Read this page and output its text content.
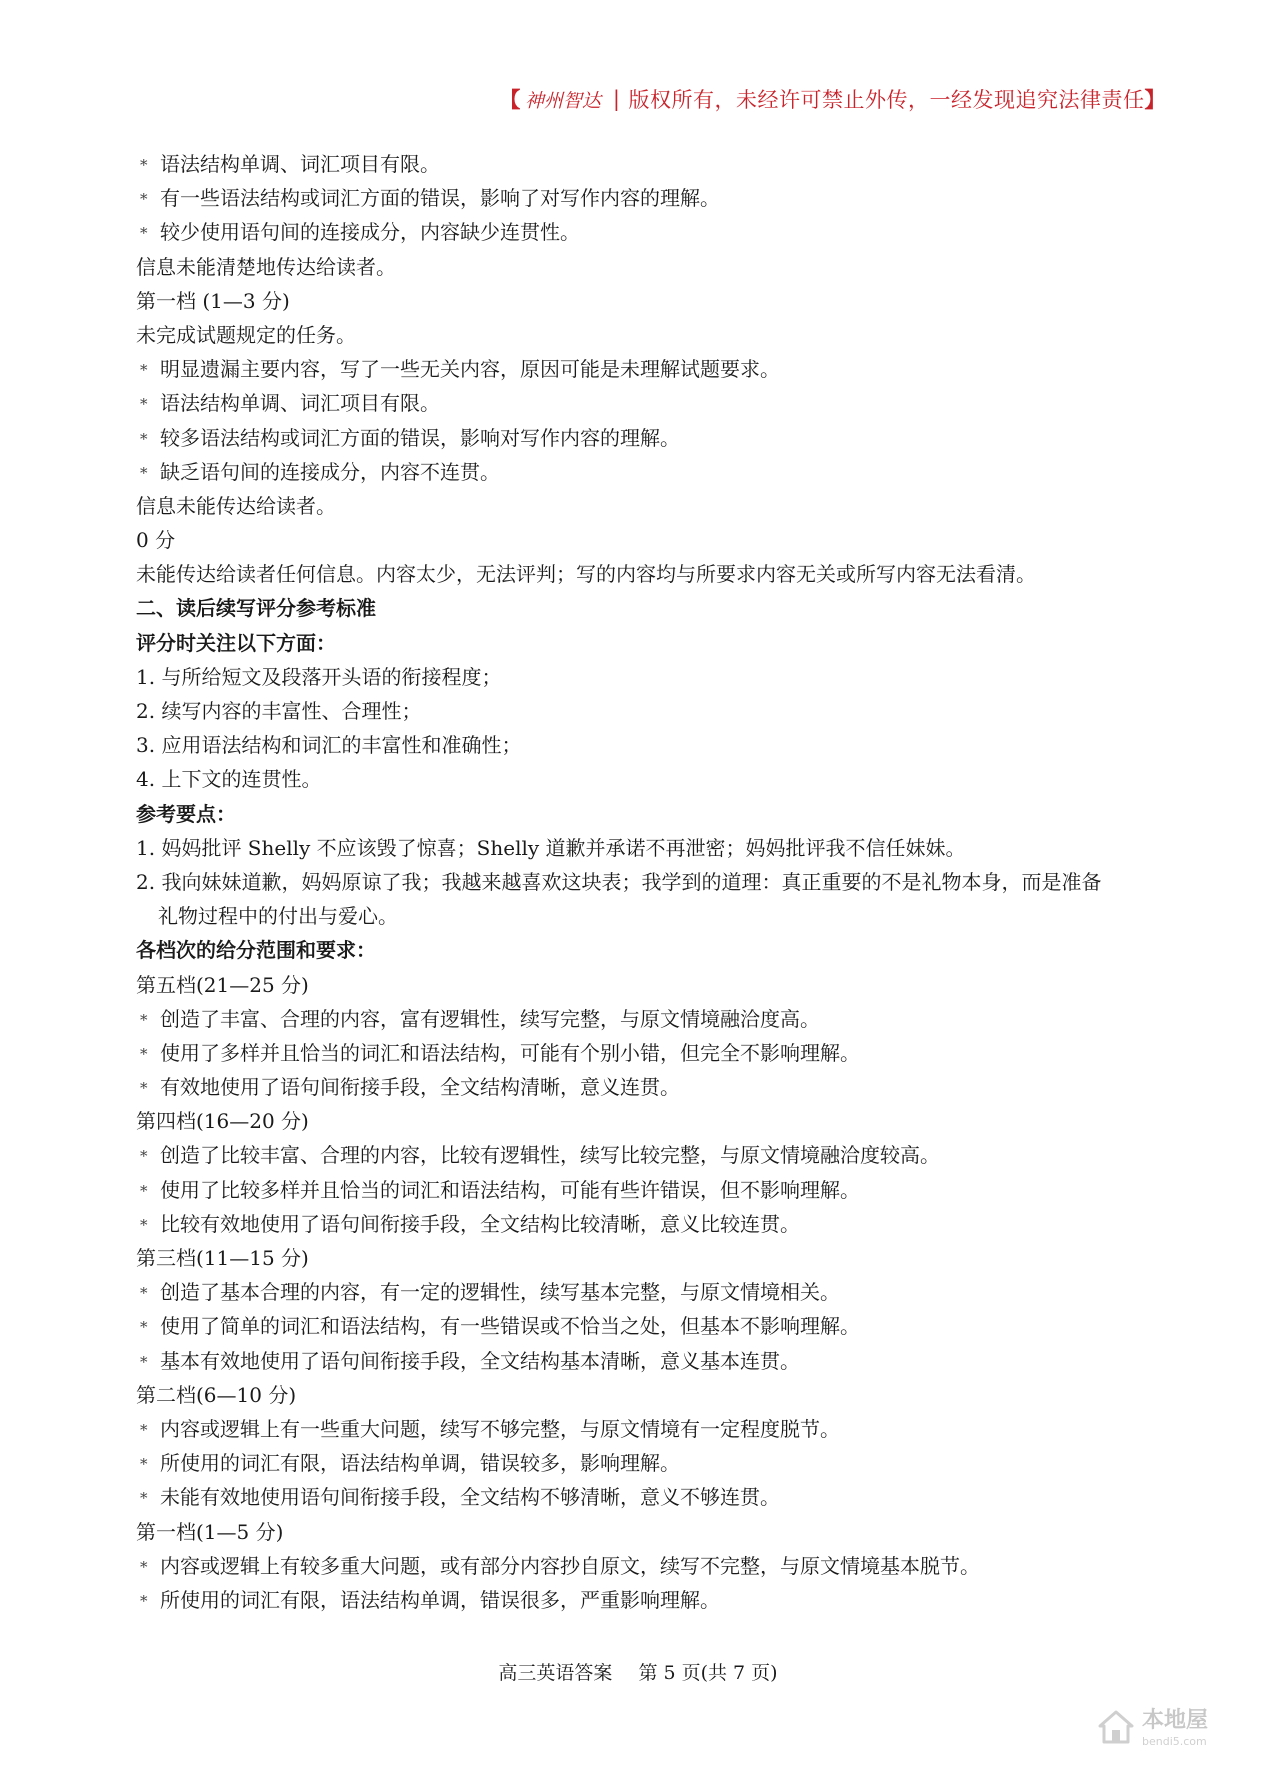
【 神州智达 | 版权所有，未经许可禁止外传，一经发现追究法律责任 】
* 语法结构单调、词汇项目有限。
* 有一些语法结构或词汇方面的错误，影响了对写作内容的理解。
* 较少使用语句间的连接成分，内容缺少连贯性。
信息未能清楚地传达给读者。
第一档 (1—3 分)
未完成试题规定的任务。
* 明显遗漏主要内容，写了一些无关内容，原因可能是未理解试题要求。
* 语法结构单调、词汇项目有限。
* 较多语法结构或词汇方面的错误，影响对写作内容的理解。
* 缺乏语句间的连接成分，内容不连贯。
信息未能传达给读者。
0 分
未能传达给读者任何信息。内容太少，无法评判；写的内容均与所要求内容无关或所写内容无法看清。
二、读后续写评分参考标准
评分时关注以下方面：
1. 与所给短文及段落开头语的衔接程度；
2. 续写内容的丰富性、合理性；
3. 应用语法结构和词汇的丰富性和准确性；
4. 上下文的连贯性。
参考要点：
1. 妈妈批评 Shelly 不应该毁了惊喜；Shelly 道歉并承诺不再泄密；妈妈批评我不信任妹妹。
2. 我向妹妹道歉，妈妈原谅了我；我越来越喜欢这块表；我学到的道理：真正重要的不是礼物本身，而是准备
礼物过程中的付出与爱心。
各档次的给分范围和要求：
第五档(21—25 分)
* 创造了丰富、合理的内容，富有逻辑性，续写完整，与原文情境融洽度高。
* 使用了多样并且恰当的词汇和语法结构，可能有个别小错，但完全不影响理解。
* 有效地使用了语句间衔接手段，全文结构清晰，意义连贯。
第四档(16—20 分)
* 创造了比较丰富、合理的内容，比较有逻辑性，续写比较完整，与原文情境融洽度较高。
* 使用了比较多样并且恰当的词汇和语法结构，可能有些许错误，但不影响理解。
* 比较有效地使用了语句间衔接手段，全文结构比较清晰，意义比较连贯。
第三档(11—15 分)
* 创造了基本合理的内容，有一定的逻辑性，续写基本完整，与原文情境相关。
* 使用了简单的词汇和语法结构，有一些错误或不恰当之处，但基本不影响理解。
* 基本有效地使用了语句间衔接手段，全文结构基本清晰，意义基本连贯。
第二档(6—10 分)
* 内容或逻辑上有一些重大问题，续写不够完整，与原文情境有一定程度脱节。
* 所使用的词汇有限，语法结构单调，错误较多，影响理解。
* 未能有效地使用语句间衔接手段，全文结构不够清晰，意义不够连贯。
第一档(1—5 分)
* 内容或逻辑上有较多重大问题，或有部分内容抄自原文，续写不完整，与原文情境基本脱节。
* 所使用的词汇有限，语法结构单调，错误很多，严重影响理解。
高三英语答案 第 5 页(共 7 页)
本地屋
bendi5.com
